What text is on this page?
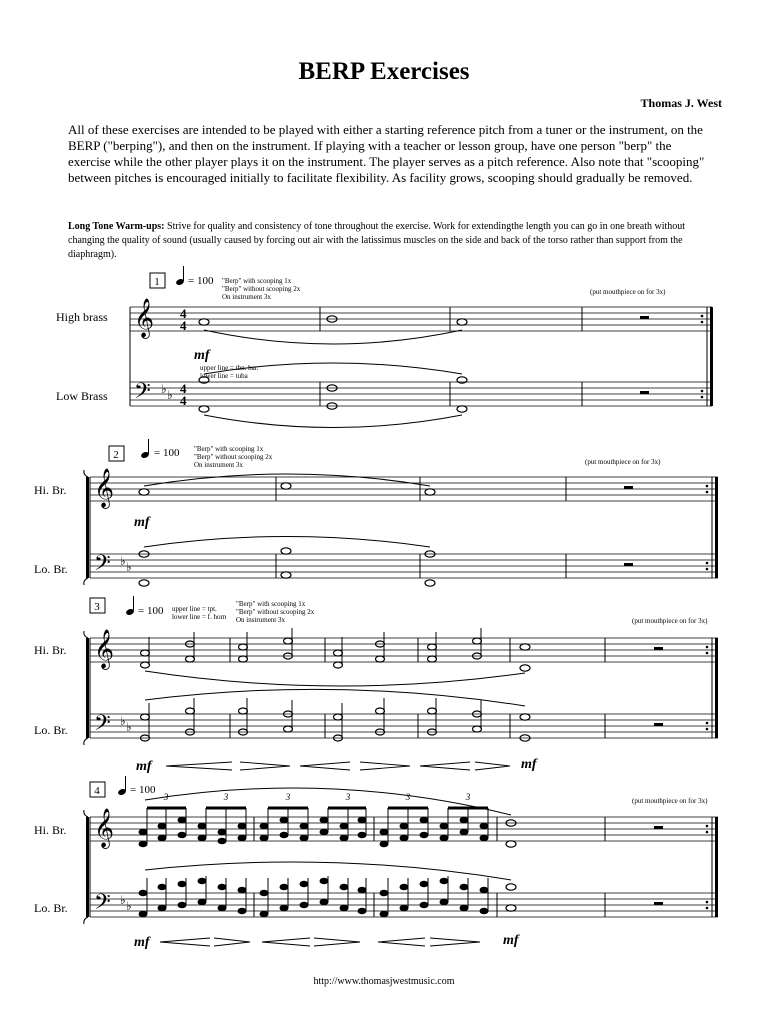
BERP Exercises
Thomas J. West

All of these exercises are intended to be played with either a starting reference pitch from a tuner or the instrument, on the BERP ("berping"), and then on the instrument. If playing with a teacher or lesson group, have one person "berp" the exercise while the other player plays it on the instrument. The player serves as a pitch reference. Also note that "scooping" between pitches is encouraged initially to facilitate flexibility. As facility grows, scooping should gradually be removed.

Long Tone Warm-ups: Strive for quality and consistency of tone throughout the exercise. Work for extendingthe length you can go in one breath without changing the quality of sound (usually caused by forcing out air with the latissimus muscles on the side and back of the torso rather than support from the diaphragm).

1	= 100 "Berp" with scooping 1x
"Berp" without scooping 2x
On instrument 3x
(put mouthpiece on for 3x)
High brass
Low Brass
𝄞
𝄢 ♭ ♭
4
4
4
4
mf
upper line = tbn. bar.
lower line = tuba
2	= 100 "Berp" with scooping 1x
"Berp" without scooping 2x
On instrument 3x	(put mouthpiece on for 3x)
Hi. Br.
Lo. Br.
𝄞
𝄢 ♭ ♭
mf
3	= 100 upper line = tpt.
lower line = f. horn
"Berp" with scooping 1x
"Berp" without scooping 2x
On instrument 3x	(put mouthpiece on for 3x)
Hi. Br.
Lo. Br.
𝄞
𝄢 ♭ ♭
mf	mf
4	= 100
(put mouthpiece on for 3x)
Hi. Br.
Lo. Br.
𝄞
𝄢 ♭ ♭
3	3	3	3	3	3
mf	mf
http://www.thomasjwestmusic.com
